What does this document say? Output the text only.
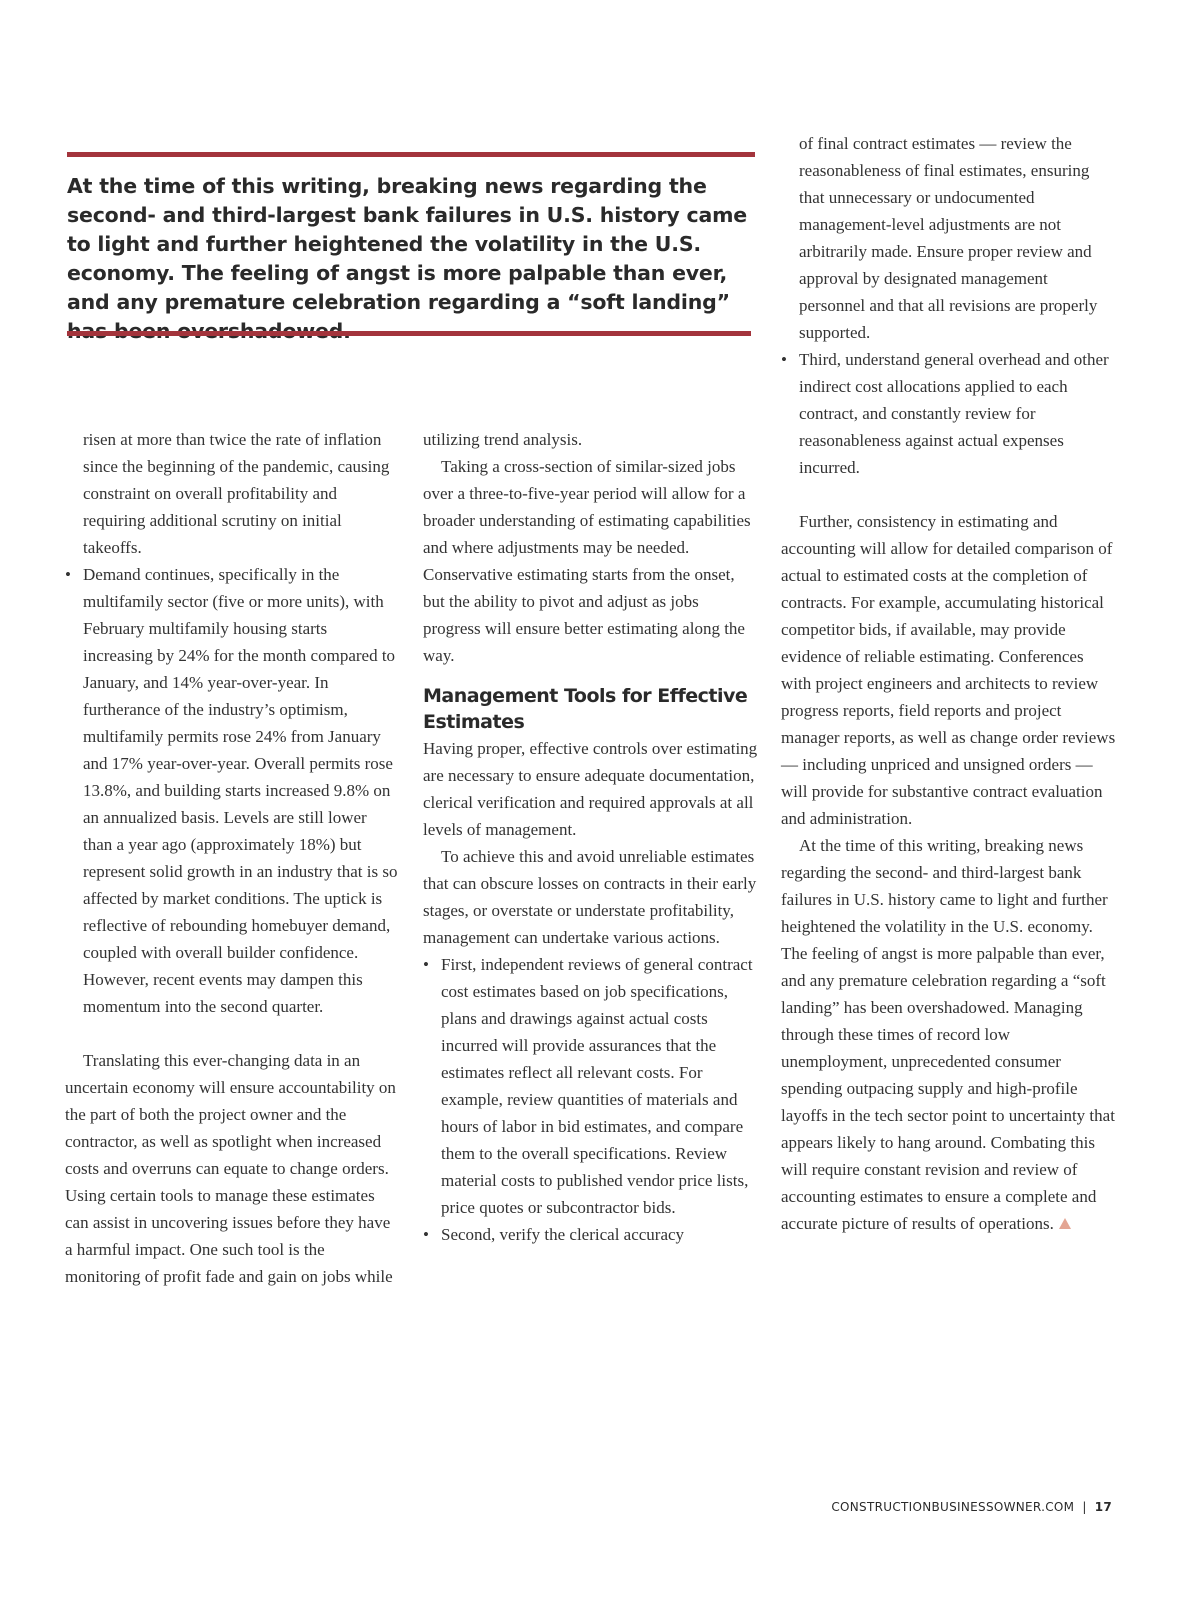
At the time of this writing, breaking news regarding the second- and third-largest bank failures in U.S. history came to light and further heightened the volatility in the U.S. economy. The feeling of angst is more palpable than ever, and any premature celebration regarding a “soft landing”

risen at more than twice the rate of inflation since the beginning of the pandemic, causing constraint on overall profitability and requiring additional scrutiny on initial takeoffs.

• Demand continues, specifically in the multifamily sector (five or more units), with February multifamily housing starts increasing by 24% for the month compared to January, and 14% year-over-year. In furtherance of the industry’s optimism, multifamily permits rose 24% from January and 17% year-over-year. Overall permits rose 13.8%, and building starts increased 9.8% on an annualized basis. Levels are still lower than a year ago (approximately 18%) but represent solid growth in an industry that is so affected by market conditions. The uptick is reflective of rebounding homebuyer demand, coupled with overall builder confidence. However, recent events may dampen this momentum into the second quarter.

Translating this ever-changing data in an uncertain economy will ensure accountability on the part of both the project owner and the contractor, as well as spotlight when increased costs and overruns can equate to change orders. Using certain tools to manage these estimates can assist in uncovering issues before they have a harmful impact. One such tool is the monitoring of profit fade and gain on jobs while

utilizing trend analysis.

Taking a cross-section of similar-sized jobs over a three-to-five-year period will allow for a broader understanding of estimating capabilities and where adjustments may be needed. Conservative estimating starts from the onset, but the ability to pivot and adjust as jobs progress will ensure better estimating along the way.

Management Tools for Effective Estimates

Having proper, effective controls over estimating are necessary to ensure adequate documentation, clerical verification and required approvals at all levels of management.

To achieve this and avoid unreliable estimates that can obscure losses on contracts in their early stages, or overstate or understate profitability, management can undertake various actions.

• First, independent reviews of general contract cost estimates based on job specifications, plans and drawings against actual costs incurred will provide assurances that the estimates reflect all relevant costs. For example, review quantities of materials and hours of labor in bid estimates, and compare them to the overall specifications. Review material costs to published vendor price lists, price quotes or subcontractor bids.

• Second, verify the clerical accuracy

of final contract estimates — review the reasonableness of final estimates, ensuring that unnecessary or undocumented management-level adjustments are not arbitrarily made. Ensure proper review and approval by designated management personnel and that all revisions are properly supported.

• Third, understand general overhead and other indirect cost allocations applied to each contract, and constantly review for reasonableness against actual expenses incurred.

Further, consistency in estimating and accounting will allow for detailed comparison of actual to estimated costs at the completion of contracts. For example, accumulating historical competitor bids, if available, may provide evidence of reliable estimating. Conferences with project engineers and architects to review progress reports, field reports and project manager reports, as well as change order reviews — including unpriced and unsigned orders — will provide for substantive contract evaluation and administration.

At the time of this writing, breaking news regarding the second- and third-largest bank failures in U.S. history came to light and further heightened the volatility in the U.S. economy. The feeling of angst is more palpable than ever, and any premature celebration regarding a “soft landing” has been overshadowed. Managing through these times of record low unemployment, unprecedented consumer spending outpacing supply and high-profile layoffs in the tech sector point to uncertainty that appears likely to hang around. Combating this will require constant revision and review of accounting estimates to ensure a complete and accurate picture of results of operations.

CONSTRUCTIONBUSINESSOWNER.COM | 17
